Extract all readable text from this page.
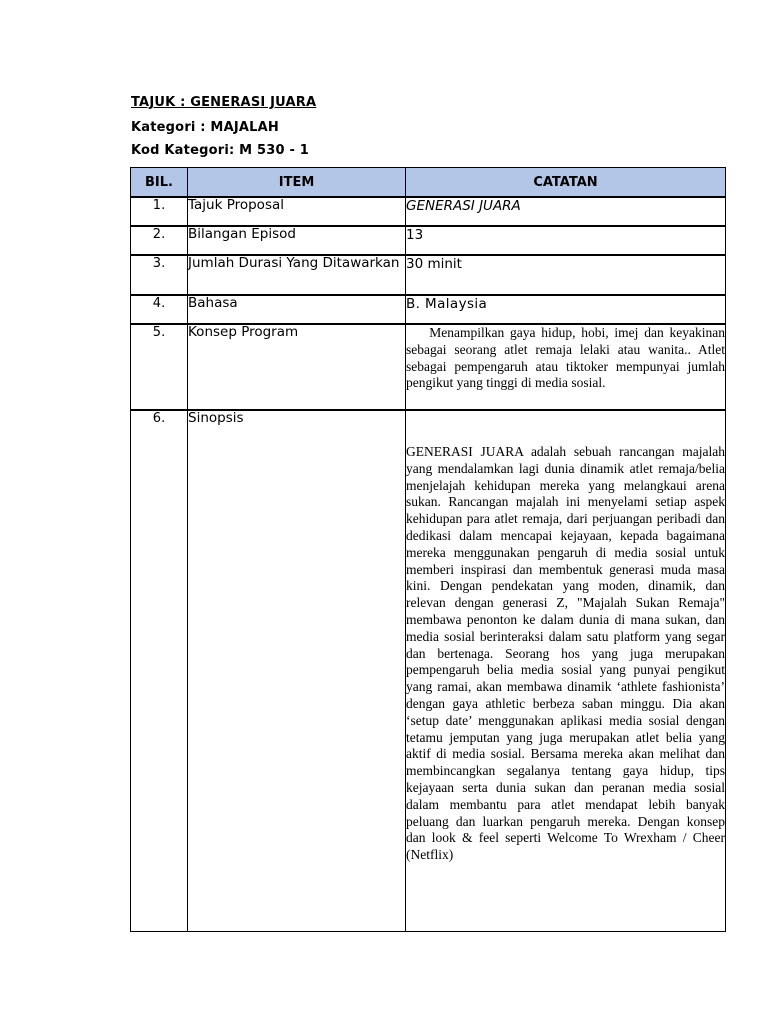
TAJUK : GENERASI JUARA
Kategori : MAJALAH
Kod Kategori: M 530 - 1
BIL.	ITEM	CATATAN
1.	Tajuk Proposal	GENERASI JUARA
2.	Bilangan Episod	13
3.	Jumlah Durasi Yang Ditawarkan	30 minit
4.	Bahasa	B. Malaysia
5.	Konsep Program	Menampilkan gaya hidup, hobi, imej dan keyakinan sebagai seorang atlet remaja lelaki atau wanita.. Atlet sebagai pempengaruh atau tiktoker mempunyai jumlah pengikut yang tinggi di media sosial.
6.	Sinopsis	GENERASI JUARA adalah sebuah rancangan majalah yang mendalamkan lagi dunia dinamik atlet remaja/belia menjelajah kehidupan mereka yang melangkaui arena sukan. Rancangan majalah ini menyelami setiap aspek kehidupan para atlet remaja, dari perjuangan peribadi dan dedikasi dalam mencapai kejayaan, kepada bagaimana mereka menggunakan pengaruh di media sosial untuk memberi inspirasi dan membentuk generasi muda masa kini. Dengan pendekatan yang moden, dinamik, dan relevan dengan generasi Z, "Majalah Sukan Remaja" membawa penonton ke dalam dunia di mana sukan, dan media sosial berinteraksi dalam satu platform yang segar dan bertenaga. Seorang hos yang juga merupakan pempengaruh belia media sosial yang punyai pengikut yang ramai, akan membawa dinamik ‘athlete fashionista’ dengan gaya athletic berbeza saban minggu. Dia akan ‘setup date’ menggunakan aplikasi media sosial dengan tetamu jemputan yang juga merupakan atlet belia yang aktif di media sosial. Bersama mereka akan melihat dan membincangkan segalanya tentang gaya hidup, tips kejayaan serta dunia sukan dan peranan media sosial dalam membantu para atlet mendapat lebih banyak peluang dan luarkan pengaruh mereka. Dengan konsep dan look & feel seperti Welcome To Wrexham / Cheer (Netflix)
